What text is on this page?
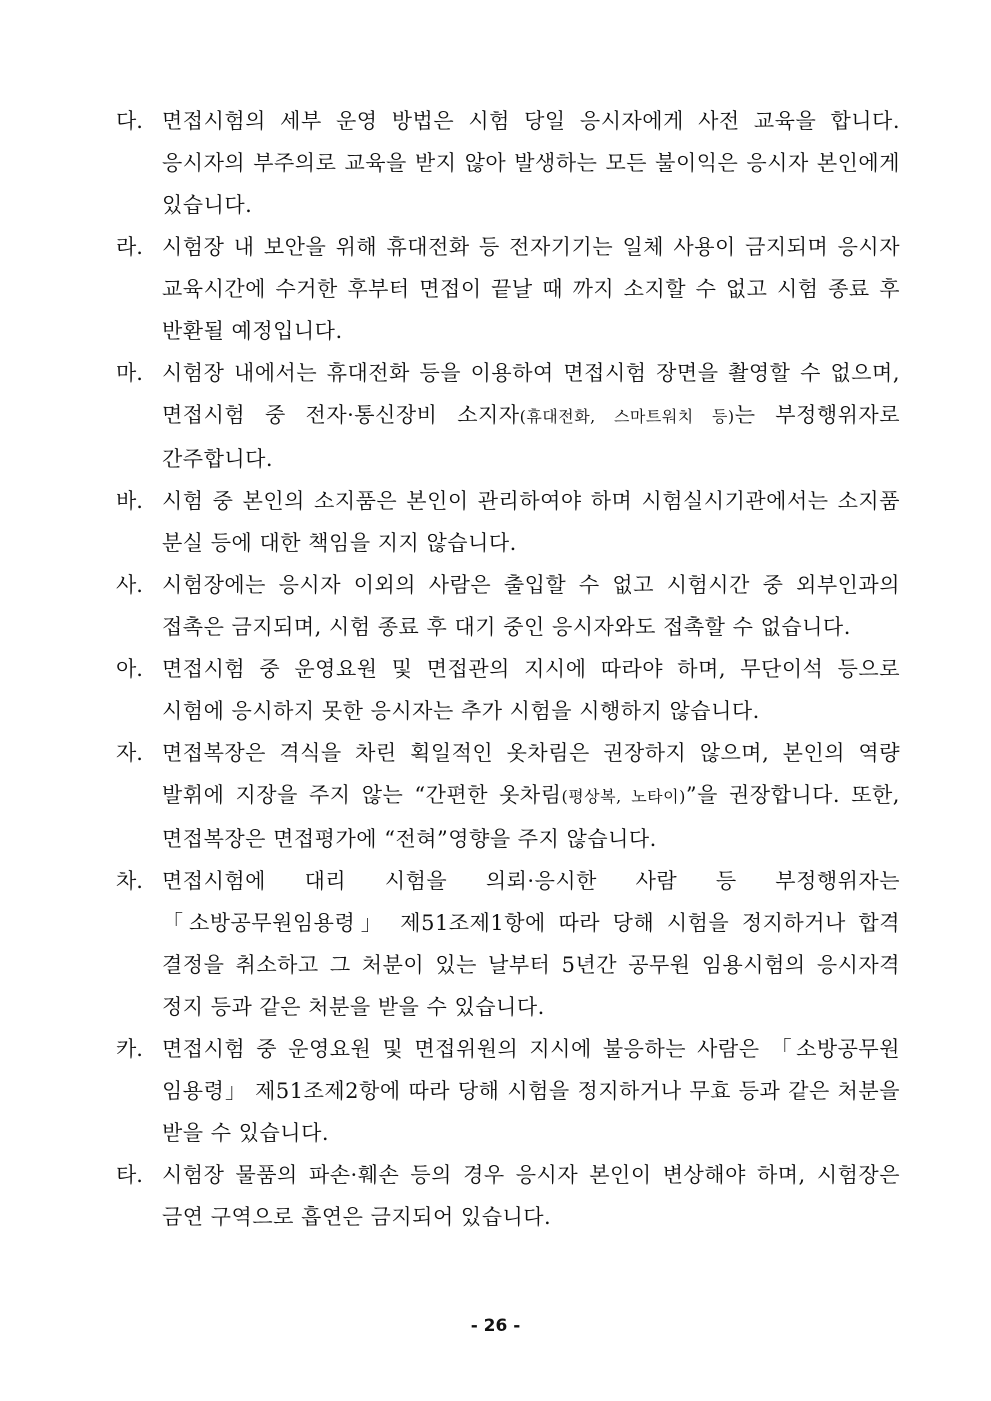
다. 면접시험의 세부 운영 방법은 시험 당일 응시자에게 사전 교육을 합니다. 응시자의 부주의로 교육을 받지 않아 발생하는 모든 불이익은 응시자 본인에게 있습니다.
라. 시험장 내 보안을 위해 휴대전화 등 전자기기는 일체 사용이 금지되며 응시자 교육시간에 수거한 후부터 면접이 끝날 때 까지 소지할 수 없고 시험 종료 후 반환될 예정입니다.
마. 시험장 내에서는 휴대전화 등을 이용하여 면접시험 장면을 촬영할 수 없으며, 면접시험 중 전자·통신장비 소지자(휴대전화, 스마트워치 등)는 부정행위자로 간주합니다.
바. 시험 중 본인의 소지품은 본인이 관리하여야 하며 시험실시기관에서는 소지품 분실 등에 대한 책임을 지지 않습니다.
사. 시험장에는 응시자 이외의 사람은 출입할 수 없고 시험시간 중 외부인과의 접촉은 금지되며, 시험 종료 후 대기 중인 응시자와도 접촉할 수 없습니다.
아. 면접시험 중 운영요원 및 면접관의 지시에 따라야 하며, 무단이석 등으로 시험에 응시하지 못한 응시자는 추가 시험을 시행하지 않습니다.
자. 면접복장은 격식을 차린 획일적인 옷차림은 권장하지 않으며, 본인의 역량 발휘에 지장을 주지 않는 “간편한 옷차림(평상복, 노타이)”을 권장합니다. 또한, 면접복장은 면접평가에 “전혀”영향을 주지 않습니다.
차. 면접시험에 대리 시험을 의뢰·응시한 사람 등 부정행위자는 「소방공무원임용령」 제51조제1항에 따라 당해 시험을 정지하거나 합격 결정을 취소하고 그 처분이 있는 날부터 5년간 공무원 임용시험의 응시자격 정지 등과 같은 처분을 받을 수 있습니다.
카. 면접시험 중 운영요원 및 면접위원의 지시에 불응하는 사람은 「소방공무원 임용령」 제51조제2항에 따라 당해 시험을 정지하거나 무효 등과 같은 처분을 받을 수 있습니다.
타. 시험장 물품의 파손·훼손 등의 경우 응시자 본인이 변상해야 하며, 시험장은 금연 구역으로 흡연은 금지되어 있습니다.
- 26 -
